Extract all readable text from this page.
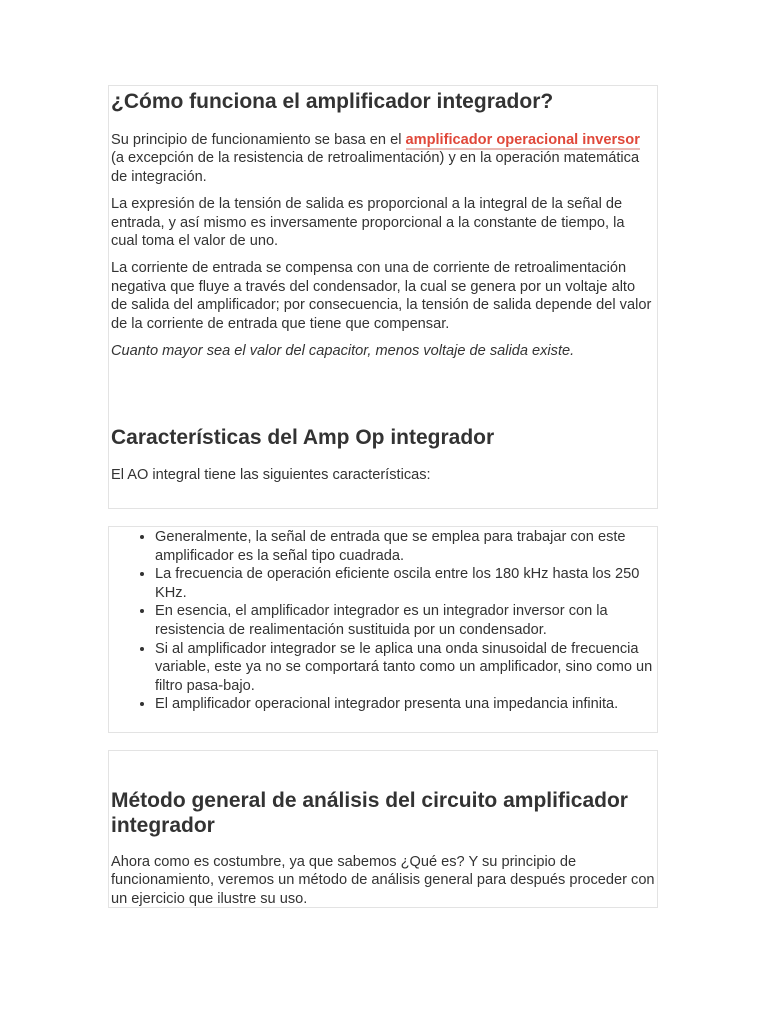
¿Cómo funciona el amplificador integrador?

Su principio de funcionamiento se basa en el amplificador operacional inversor (a excepción de la resistencia de retroalimentación) y en la operación matemática de integración.

La expresión de la tensión de salida es proporcional a la integral de la señal de entrada, y así mismo es inversamente proporcional a la constante de tiempo, la cual toma el valor de uno.

La corriente de entrada se compensa con una de corriente de retroalimentación negativa que fluye a través del condensador, la cual se genera por un voltaje alto de salida del amplificador; por consecuencia, la tensión de salida depende del valor de la corriente de entrada que tiene que compensar.

Cuanto mayor sea el valor del capacitor, menos voltaje de salida existe.

Características del Amp Op integrador

El AO integral tiene las siguientes características:

• Generalmente, la señal de entrada que se emplea para trabajar con este amplificador es la señal tipo cuadrada.
• La frecuencia de operación eficiente oscila entre los 180 kHz hasta los 250 KHz.
• En esencia, el amplificador integrador es un integrador inversor con la resistencia de realimentación sustituida por un condensador.
• Si al amplificador integrador se le aplica una onda sinusoidal de frecuencia variable, este ya no se comportará tanto como un amplificador, sino como un filtro pasa-bajo.
• El amplificador operacional integrador presenta una impedancia infinita.
Método general de análisis del circuito amplificador integrador

Ahora como es costumbre, ya que sabemos ¿Qué es? Y su principio de funcionamiento, veremos un método de análisis general para después proceder con un ejercicio que ilustre su uso.
